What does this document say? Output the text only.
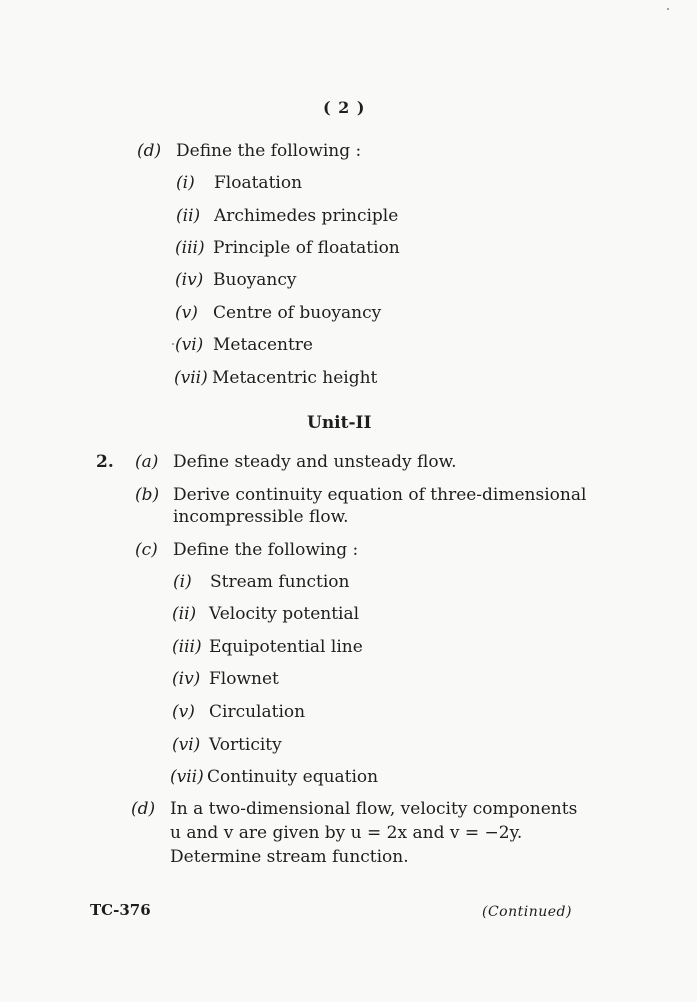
( 2 )
(d) Define the following :
(i) Floatation
(ii) Archimedes principle
(iii) Principle of floatation
(iv) Buoyancy
(v) Centre of buoyancy
(vi) Metacentre
(vii) Metacentric height
Unit-II
2. (a) Define steady and unsteady flow.
(b) Derive continuity equation of three-dimensional
incompressible flow.
(c) Define the following :
(i) Stream function
(ii) Velocity potential
(iii) Equipotential line
(iv) Flownet
(v) Circulation
(vi) Vorticity
(vii) Continuity equation
(d) In a two-dimensional flow, velocity components
u and v are given by u = 2x and v = −2y.
Determine stream function.
TC-376	(Continued)
